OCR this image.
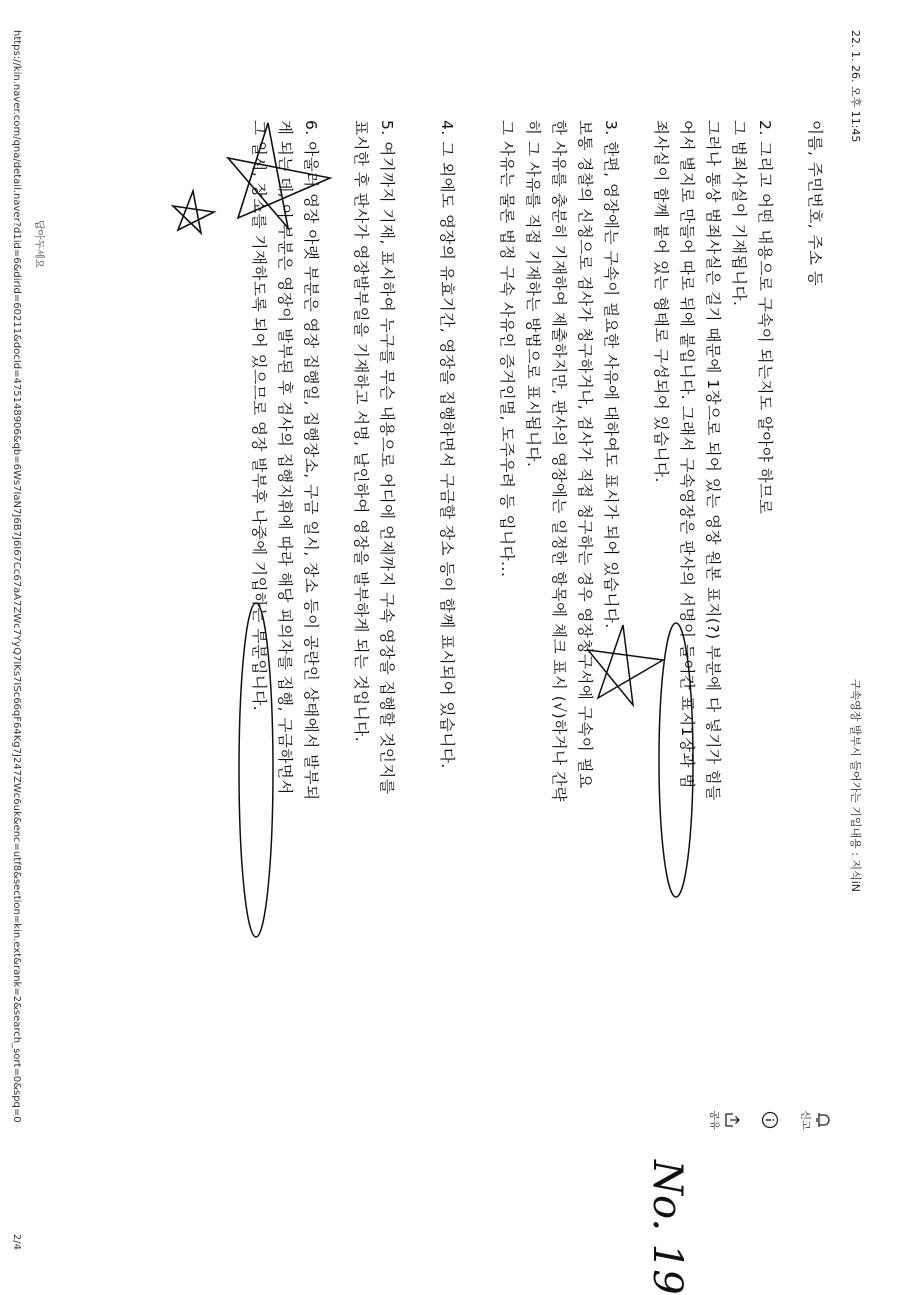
22. 1. 26. 오후 11:45
구속영장 발부시 들어가는 기입내용 : 지식iN
이름, 주민번호, 주소 등
2. 그리고 어떤 내용으로 구속이 되는지도 알아야 하므로
그 범죄사실이 기재됩니다.
그러나 통상 범죄사실은 길기 때문에 1장으로 되어 있는 영장 원본 표지(?) 부분에 다 넣기가 힘들
어서 별지로 만들어 따로 뒤에 붙입니다. 그래서 구속영장은 판사의 서명이 들어간 표지1장과 범
죄사실이 함께 붙어 있는 형태로 구성되어 있습니다.
3. 한편, 영장에는 구속이 필요한 사유에 대하여도 표시가 되어 있습니다.
보통 경찰의 신청으로 검사가 청구하거나, 검사가 직접 청구하는 경우 영장청구서에 구속이 필요
한 사유를 충분히 기재하여 제출하지만, 판사의 영장에는 일정한 항목에 체크 표시 (√)하거나 간략
히 그 사유를 직접 기재하는 방법으로 표시됩니다.
그 사유는 물론 법정 구속 사유인 증거인멸, 도주우려 등 입니다...
4. 그 외에도 영장의 유효기간, 영장을 집행하면서 구금할 장소 등이 함께 표시되어 있습니다.
5. 여기까지 기재, 표시하여 누구를 무슨 내용으로 어디에 언제까지 구속 영장을 집행할 것인지를
표시한 후 판사가 영장발부일을 기재하고 서명, 날인하여 영장을 발부하게 되는 것입니다.
6. 아울러 영장 아랫 부분은 영장 집행일, 집행장소, 구금 일시, 장소 등이 공란인 상태에서 발부되
게 되는 데, 이 부분은 영장이 발부된 후 검사의 집행지휘에 따라 해당 피의자를 집행, 구금하면서
그 일시, 장소를 기재하도록 되어 있으므로 영장 발부후 나중에 기입하는 부분입니다.
신고
공유
답아두세요
https://kin.naver.com/qna/detail.naver?d1id=6&dirId=60211&docId=475148906&qb=6Ws7IaN7J6B7J6I67Cc67aA7ZWc7YyQ7IKs7ISc66qF64Kg7J247ZWc6uk&enc=utf8&section=kin.ext&rank=2&search_sort=0&spq=0
2/4	No. 19
